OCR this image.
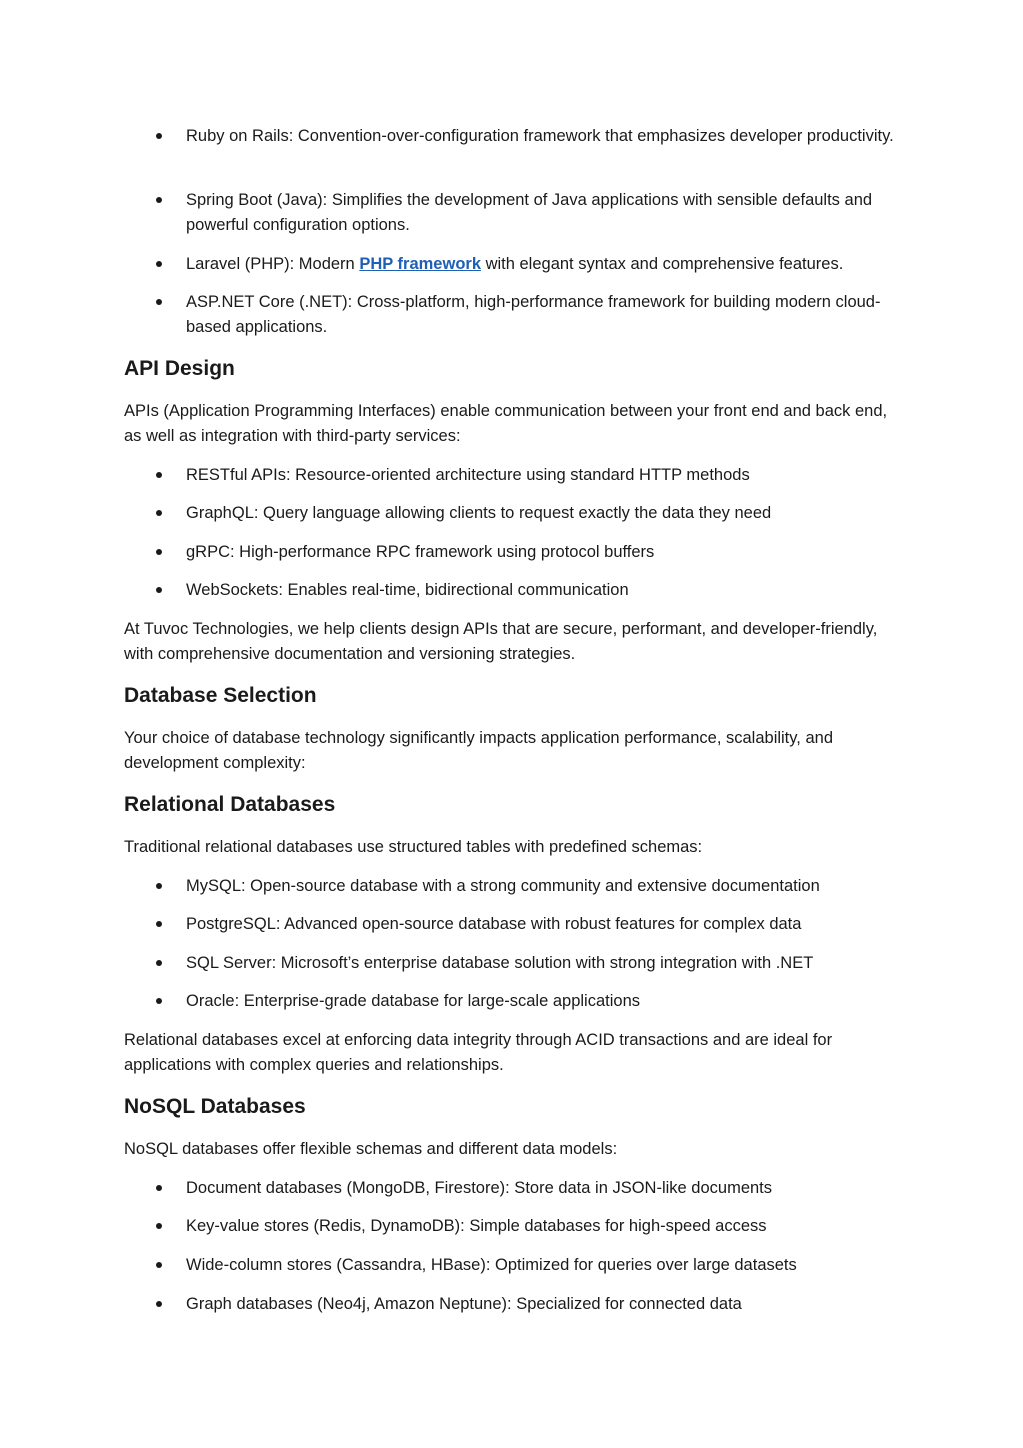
Ruby on Rails: Convention-over-configuration framework that emphasizes developer productivity.
Spring Boot (Java): Simplifies the development of Java applications with sensible defaults and powerful configuration options.
Laravel (PHP): Modern PHP framework with elegant syntax and comprehensive features.
ASP.NET Core (.NET): Cross-platform, high-performance framework for building modern cloud-based applications.
API Design

APIs (Application Programming Interfaces) enable communication between your front end and back end, as well as integration with third-party services:

RESTful APIs: Resource-oriented architecture using standard HTTP methods
GraphQL: Query language allowing clients to request exactly the data they need
gRPC: High-performance RPC framework using protocol buffers
WebSockets: Enables real-time, bidirectional communication

At Tuvoc Technologies, we help clients design APIs that are secure, performant, and developer-friendly, with comprehensive documentation and versioning strategies.

Database Selection

Your choice of database technology significantly impacts application performance, scalability, and development complexity:

Relational Databases

Traditional relational databases use structured tables with predefined schemas:

MySQL: Open-source database with a strong community and extensive documentation
PostgreSQL: Advanced open-source database with robust features for complex data
SQL Server: Microsoft’s enterprise database solution with strong integration with .NET
Oracle: Enterprise-grade database for large-scale applications

Relational databases excel at enforcing data integrity through ACID transactions and are ideal for applications with complex queries and relationships.

NoSQL Databases

NoSQL databases offer flexible schemas and different data models:

Document databases (MongoDB, Firestore): Store data in JSON-like documents
Key-value stores (Redis, DynamoDB): Simple databases for high-speed access
Wide-column stores (Cassandra, HBase): Optimized for queries over large datasets
Graph databases (Neo4j, Amazon Neptune): Specialized for connected data
